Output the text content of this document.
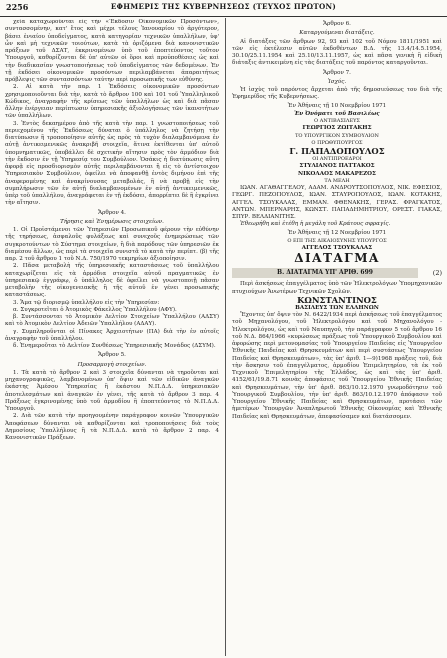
2256	ΕΦΗΜΕΡΙΣ ΤΗΣ ΚΥΒΕΡΝΗΣΕΩΣ (ΤΕΥΧΟΣ ΠΡΩΤΟΝ)

χεία καταχωρούνται εἰς τὴν «Ἔκδοσιν Οἰκονομικῶν Προσόντων», συντασσομένην, κατ' ἔτος καὶ μέχρι τέλους Ἰανουαρίου τὸ ἀργότερον, βάσει ἐνιαίου ὑποδείγματος, κατὰ κατηγορίαν τεχνικῶν ὑπαλλήλων, ὑφ' ὧν καὶ μὴ τεχνικῶν τοιούτων, κατὰ τὰ ὁριζόμενα διὰ κανονιστικῶν πράξεων τοῦ ΔΣΑΤ, ἐκκρινομένων ὑπὸ τοῦ ἐποπτεύοντος τοῦτον Ὑπουργοῦ, καθορίζονται δὲ ὑπ' αὐτῶν οἱ ὅροι καὶ προϋποθέσεις ὡς καὶ τὴν διαδικασίαν γνωστοποιήσεως τοῦ ὑποδείγματος τῶν δεδομένων. Ἐν τῇ ἐκδόσει οἰκονομικῶν προσόντων περιλαμβάνεται ἀπαραιτήτως πρόβλεψις τῶν συντασσόντων ταύτην περὶ προσωπικῆς των εὐθύνης.

2. Αἱ κατὰ τὴν παρ. 1 Ἐκδόσεις οἰκονομικῶν προσόντων χρησιμοποιοῦνται διὰ τὴν, κατὰ τὸ ἄρθρον 100 καὶ 101 τοῦ Ὑπαλληλικοῦ Κώδικος, ἀναγραφὴν τῆς κρίσεως τῶν ὑπαλλήλων ὡς καὶ διὰ πᾶσαν ἄλλην ἐνέργειαν περίπτωσιν ὑπηρεσιακῆς ἀξιολογήσεως τῶν ἱκανοτήτων τῶν ὑπαλλήλων.

3. Ἐντὸς δεκαημέρου ἀπὸ τῆς κατὰ τὴν παρ. 1 γνωστοποιήσεως τοῦ περιεχομένου τῆς Ἐκδόσεως δύναται ὁ ὑπάλληλος νὰ ζητήσῃ τὴν διατύπωσιν ἢ τροποποίησιν αὐτῆς ὡς πρὸς τὰ τυχὸν διαλαμβανόμενα ἐν αὐτῇ ἀντικειμενικῶς ἀνακριβῆ στοιχεῖα, ἅτινα ἐκτίθενται ὑπ' αὐτοῦ ὑπομνηματικῶς, ὑποβάλλει δὲ σχετικὴν αἴτησιν πρὸς τὸν ἀρμόδιον διὰ τὴν ἔκδοσιν ἐν τῇ Ὑπηρεσίᾳ του Συμβούλιον. Ὁσάκις ἡ διατύπωσις αὕτη ἀφορᾷ εἰς προσδιορισμὸν αὐτῆς περιλαμβάνονται ἢ εἰς τὸ ἀντίστοιχον Ὑπηρεσιακὸν Συμβούλιον, ὀφείλει νὰ ἀποφανθῇ ἐντὸς διμήνου ἐπὶ τῆς ἀναφερομένης καὶ ἀνακρίνουσας μεταβολάς, ἢ νὰ προβῇ εἰς τὴν συμπλήρωσιν τῶν ἐν αὐτῇ διαλαμβανομένων ἐν αὐτῇ ἀντικειμενικῶς, ὑπὲρ τοῦ ὑπαλλήλου, ἀναγράφεται ἐν τῇ ἐκδόσει, ἀπορρίπτει δὲ ἢ ἐγκρίνει τὴν αἴτησιν.

Ἄρθρον 4.

Τήρησις καὶ Ἐνημέρωσις στοιχείων.

1. Οἱ Προϊστάμενοι τῶν Ὑπηρεσιῶν Προσωπικοῦ φέρουν τὴν εὐθύνην τῆς τηρήσεως, ἀσφαλοῦς φυλάξεως καὶ συνεχοῦς ἐνημερώσεως τῶν συγκροτούντων τὸ Σύστημα στοιχείων, ἢ διὰ παρόδους τῶν ὑπηρεσιῶν ἐκ διαμέσου ἄλλων, ὡς περὶ τὰ στοιχεῖα συνιστᾶ τὸ κατὰ τὴν περίπτ. (β) τῆς παρ. 2 τοῦ ἄρθρου 1 τοῦ Ν.Δ. 750/1970 τεκμηρίων ἀξιοποίησιν.

2. Πᾶσα μεταβολὴ τῆς ὑπηρεσιακῆς καταστάσεως τοῦ ὑπαλλήλου καταχωρίζεται εἰς τὰ ἀρμόδια στοιχεῖα αὐτοῦ πραγματικῶς ἐν ὑπηρεσιακῷ ἐγγράφῳ, ὁ ὑπάλληλος δὲ ὀφείλει νὰ γνωστοποιῇ πᾶσαν μεταβολὴν τῆς οἰκογενειακῆς ἢ τῆς αὐτοῦ ἐν γένει προσωπικῆς καταστάσεως.

3. Ἅμα τῷ διορισμῷ ὑπαλλήλου εἰς τὴν Ὑπηρεσίαν:

α. Συγκροτεῖται ὁ Ἀτομικὸς Φάκελλος Ὑπαλλήλου (ΑΦΥ).

β. Συντάσσονται τὸ Ἀτομικὸν Δελτίον Στοιχείων Ὑπαλλήλου (ΑΔΣΥ) καὶ τὸ Ἀτομικὸν Δελτίον Ἀδειῶν Ὑπαλλήλου (ΑΔΑΥ).

γ. Συμπληροῦνται οἱ Πίνακες Ἀρχειοτήτων (ΠΑ) διὰ τὴν ἐν αὐτοῖς ἀναγραφὴν τοῦ ὑπαλλήλου.

δ. Ἐνημεροῦται τὸ Δελτίον Συνθέσεως Ὑπηρεσιακῆς Μονάδος (ΔΣΥΜ).

Ἄρθρον 5.

Προσαρμογὴ στοιχείων.

1. Τὰ κατὰ τὸ ἄρθρον 2 καὶ 3 στοιχεῖα δύνανται νὰ τηροῦνται καὶ μηχανογραφικῶς, λαμβανομένων ὑπ' ὄψιν καὶ τῶν εἰδικῶν ἀναγκῶν ἑκάστης Ἀμέσου Ὑπηρεσίας ἢ ἑκάστου Ν.Π.Δ.Δ. ὑπηρεσιακῶν ἀποτελεσμάτων καὶ ἀναγκῶν ἐν γένει, τῆς κατὰ τὸ ἄρθρον 3 παρ. 4 Πράξεως ἐγκρινομένης ὑπὸ τοῦ ἁρμοδίου ἢ ἐποπτεύοντος τὸ Ν.Π.Δ.Δ. Ὑπουργοῦ.

2. Διὰ τῶν κατὰ τὴν προηγουμένην παράγραφον κοινῶν Ὑπουργικῶν Ἀποφάσεων δύνανται νὰ καθορίζονται καὶ τροποποιήσεις διὰ τοὺς Δημοσίους Ὑπαλλήλους ἢ τὰ Ν.Π.Δ.Δ. κατὰ τὸ ἄρθρον 2 παρ. 4 Κανονιστικῶν Πράξεων.

Ἄρθρον 6.

Καταργούμεναι διατάξεις.

Αἱ διατάξεις τῶν ἄρθρων 92, 93 καὶ 102 τοῦ Νόμου 1811/1951 καὶ τῶν εἰς ἐκτέλεσιν αὐτῶν ἐκδοθέντων Β.Δ. τῆς 13.4/14.5.1954, 30.10/25.11.1954 καὶ 25.10/13.11.1957, ὡς καὶ πᾶσα γενικὴ ἢ εἰδικὴ διάταξις ἀντικειμένη εἰς τὰς διατάξεις τοῦ παρόντος καταργοῦνται.

Ἄρθρον 7.

Ἰσχύς.

Ἡ ἰσχὺς τοῦ παρόντος ἄρχεται ἀπὸ τῆς δημοσιεύσεως του διὰ τῆς Ἐφημερίδος τῆς Κυβερνήσεως.

Ἐν Ἀθήναις τῇ 10 Νοεμβρίου 1971

Ἐν Ὀνόματι τοῦ Βασιλέως

Ο ΑΝΤΙΒΑΣΙΛΕΥΣ

ΓΕΩΡΓΙΟΣ ΖΩΙΤΑΚΗΣ

ΤΟ ΥΠΟΥΡΓΙΚΟΝ ΣΥΜΒΟΥΛΙΟΝ

Ο ΠΡΩΘΥΠΟΥΡΓΟΣ

Γ. ΠΑΠΑΔΟΠΟΥΛΟΣ

ΟΙ ΑΝΤΙΠΡΟΕΔΡΟΙ

ΣΤΥΛΙΑΝΟΣ ΠΑΤΤΑΚΟΣ
ΝΙΚΟΛΑΟΣ ΜΑΚΑΡΕΖΟΣ

ΤΑ ΜΕΛΗ

ΙΩΑΝ. ΑΓΑΘΑΓΓΕΛΟΥ, ΑΔΑΜ. ΑΝΔΡΟΥΤΣΟΠΟΥΛΟΣ, ΝΙΚ. ΕΦΕΣΙΟΣ, ΓΕΩΡΓ. ΠΕΖΟΠΟΥΛΟΣ, ΙΩΑΝ. ΣΤΑΥΡΟΠΟΥΛΟΣ, ΙΩΑΝ. ΚΟΤΑΚΗΣ, ΑΓΓΕΛ. ΤΣΟΥΚΑΛΑΣ, ΕΜΜΑΝ. ΦΘΕΝΑΚΗΣ, ΓΕΡΑΣ. ΦΡΑΓΚΑΤΟΣ, ΑΝΤΩΝ. ΜΠΕΡΝΑΡΗΣ, ΚΩΝΣΤ. ΠΑΠΑΔΗΜΗΤΡΙΟΥ, ΟΡΕΣΤ. ΓΙΑΚΑΣ, ΣΠΥΡ. ΒΕΛΔΙΑΝΙΤΗΣ.

Ἐθεωρήθη καὶ ἐτέθη ἡ μεγάλη τοῦ Κράτους σφραγίς.

Ἐν Ἀθήναις τῇ 12 Νοεμβρίου 1971

Ο ΕΠΙ ΤΗΣ ΔΙΚΑΙΟΣΥΝΗΣ ΥΠΟΥΡΓΟΣ

ΑΓΓΕΛΟΣ ΤΣΟΥΚΑΛΑΣ

ΔΙΑΤΑΓΜΑ

Β. ΔΙΑΤΑΓΜΑ ΥΠ' ΑΡΙΘ. 699	(2)

Περὶ ἀσκήσεως ἐπαγγέλματος ὑπὸ τῶν Ἠλεκτρολόγων Ὑπομηχανικῶν πτυχιούχων Ἀνωτέρων Τεχνικῶν Σχολῶν.

ΚΩΝΣΤΑΝΤΙΝΟΣ

ΒΑΣΙΛΕΥΣ ΤΩΝ ΕΛΛΗΝΩΝ

Ἔχοντες ὑπ' ὄψιν τὸν Ν. 6422/1934 περὶ ἀσκήσεως τοῦ ἐπαγγέλματος τοῦ Μηχανολόγου, τοῦ Ἠλεκτρολόγου καὶ τοῦ Μηχανολόγου - Ἠλεκτρολόγου, ὡς καὶ τοῦ Ναυπηγοῦ, τὴν παράγραφον 5 τοῦ ἄρθρου 16 τοῦ Ν.Δ. 864/1966 «κυρώσεως πράξεως τοῦ Ὑπουργικοῦ Συμβουλίου καὶ ἀφορώσης περὶ μετονομασίας τοῦ Ὑπουργείου Παιδείας εἰς Ὑπουργεῖον Ἐθνικῆς Παιδείας καὶ Θρησκευμάτων καὶ περὶ συστάσεως Ὑπουργείου Παιδείας καὶ Θρησκευμάτων», τὰς ὑπ' ἀριθ. 1—9)1968 πράξεις τοῦ, διὰ τὴν ἄσκησιν τοῦ ἐπαγγέλματος, ἁρμοδίου Ἐπιμελητηρίου, τὰ ἐκ τοῦ Τεχνικοῦ Ἐπιμελητηρίου τῆς Ἑλλάδος, ὡς καὶ τὰς ὑπ' ἀριθ. 4152/61/19.8.71 κοινὰς ἀποφάσεις τοῦ Ὑπουργείου Ἐθνικῆς Παιδείας καὶ Θρησκευμάτων, τὴν ὑπ' ἀριθ. 863/10.12.1970 γνωμοδότησιν τοῦ Ὑπουργικοῦ Συμβουλίου, τὴν ὑπ' ἀριθ. 863/10.12.1970 ἀπόφασιν τοῦ Ὑπουργείου Ἐθνικῆς Παιδείας καὶ Θρησκευμάτων, προτάσει τῶν ἡμετέρων Ὑπουργῶν Ἀναπληρωτοῦ Ἐθνικῆς Οἰκονομίας καὶ Ἐθνικῆς Παιδείας καὶ Θρησκευμάτων, ἀπεφασίσαμεν καὶ διατάσσομεν.
